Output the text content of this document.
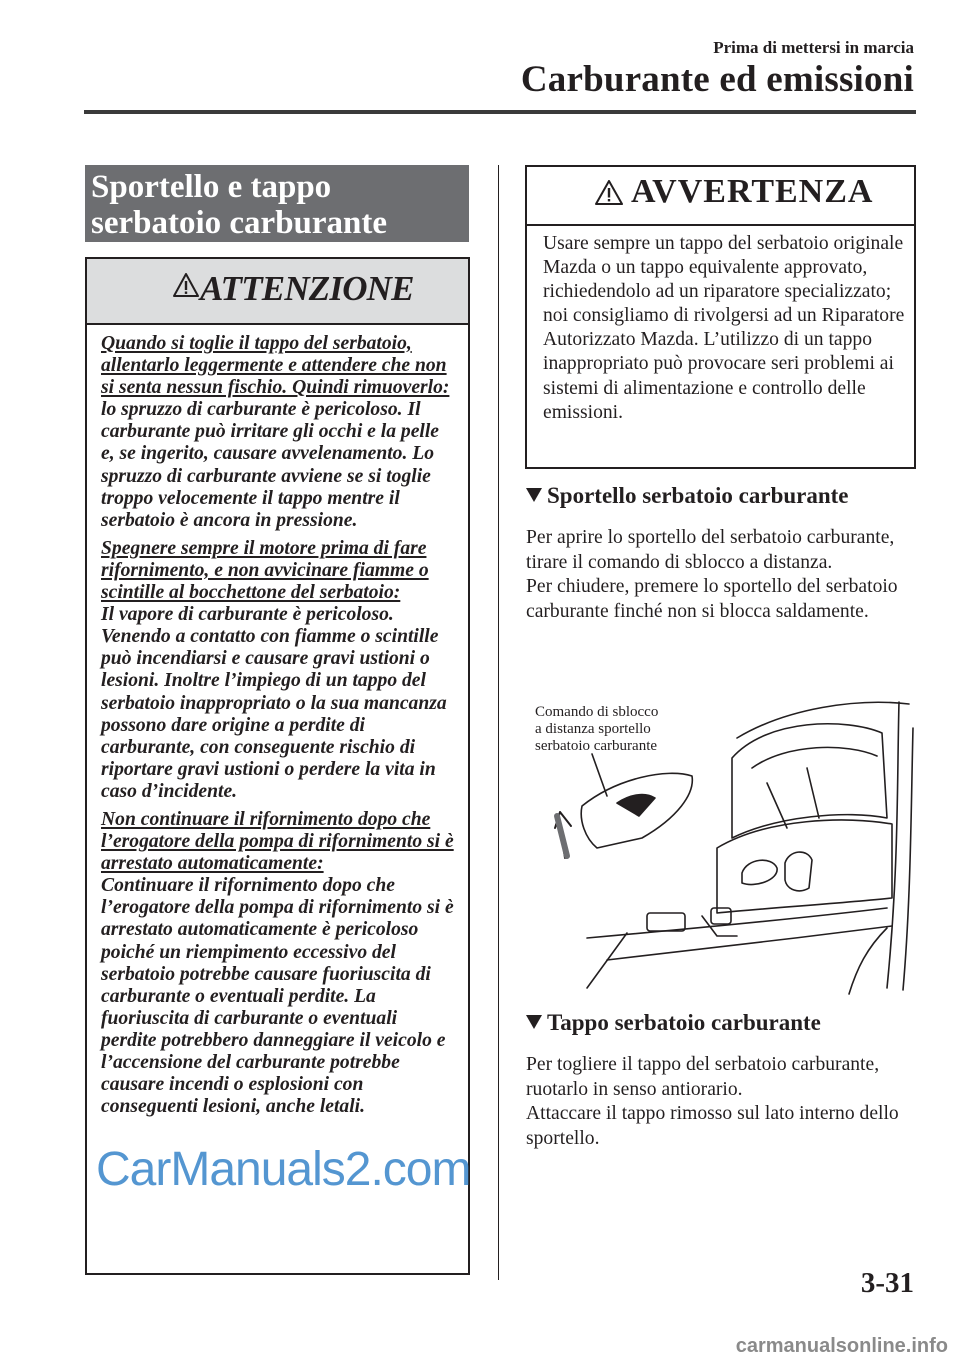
Prima di mettersi in marcia
Carburante ed emissioni
Sportello e tappo serbatoio carburante
ATTENZIONE

Quando si toglie il tappo del serbatoio, allentarlo leggermente e attendere che non si senta nessun fischio. Quindi rimuoverlo:
lo spruzzo di carburante è pericoloso. Il carburante può irritare gli occhi e la pelle e, se ingerito, causare avvelenamento. Lo spruzzo di carburante avviene se si toglie troppo velocemente il tappo mentre il serbatoio è ancora in pressione.

Spegnere sempre il motore prima di fare rifornimento, e non avvicinare fiamme o scintille al bocchettone del serbatoio:
Il vapore di carburante è pericoloso. Venendo a contatto con fiamme o scintille può incendiarsi e causare gravi ustioni o lesioni. Inoltre l’impiego di un tappo del serbatoio inappropriato o la sua mancanza possono dare origine a perdite di carburante, con conseguente rischio di riportare gravi ustioni o perdere la vita in caso d’incidente.

Non continuare il rifornimento dopo che l’erogatore della pompa di rifornimento si è arrestato automaticamente:
Continuare il rifornimento dopo che l’erogatore della pompa di rifornimento si è arrestato automaticamente è pericoloso poiché un riempimento eccessivo del serbatoio potrebbe causare fuoriuscita di carburante o eventuali perdite. La fuoriuscita di carburante o eventuali perdite potrebbero danneggiare il veicolo e l’accensione del carburante potrebbe causare incendi o esplosioni con conseguenti lesioni, anche letali.

AVVERTENZA
Usare sempre un tappo del serbatoio originale Mazda o un tappo equivalente approvato, richiedendolo ad un riparatore specializzato; noi consigliamo di rivolgersi ad un Riparatore Autorizzato Mazda. L’utilizzo di un tappo inappropriato può provocare seri problemi ai sistemi di alimentazione e controllo delle emissioni.
Sportello serbatoio carburante
Per aprire lo sportello del serbatoio carburante, tirare il comando di sblocco a distanza.
Per chiudere, premere lo sportello del serbatoio carburante finché non si blocca saldamente.
Comando di sblocco
a distanza sportello
serbatoio carburante
Tappo serbatoio carburante
Per togliere il tappo del serbatoio carburante, ruotarlo in senso antiorario.
Attaccare il tappo rimosso sul lato interno dello sportello.
CarManuals2.com
3-31
carmanualsonline.info
